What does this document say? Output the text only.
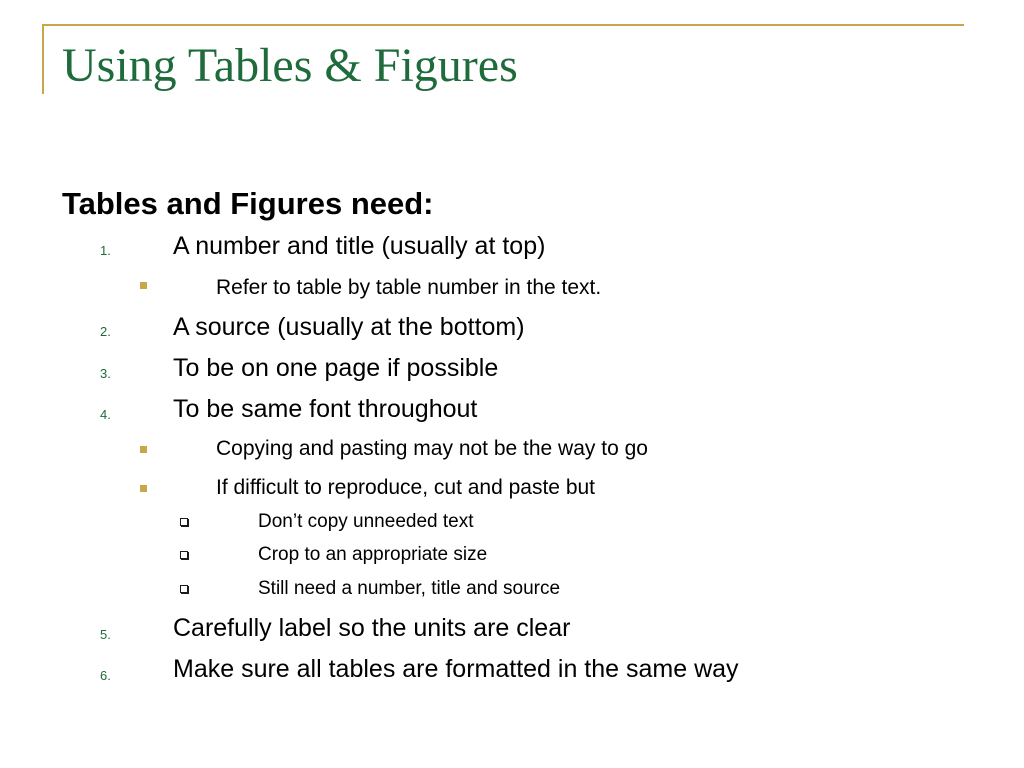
Using Tables & Figures
Tables and Figures need:
1. A number and title (usually at top)
Refer to table by table number in the text.
2. A source (usually at the bottom)
3. To be on one page if possible
4. To be same font throughout
Copying and pasting may not be the way to go
If difficult to reproduce, cut and paste but
Don’t copy unneeded text
Crop to an appropriate size
Still need a number, title and source
5. Carefully label so the units are clear
6. Make sure all tables are formatted in the same way
